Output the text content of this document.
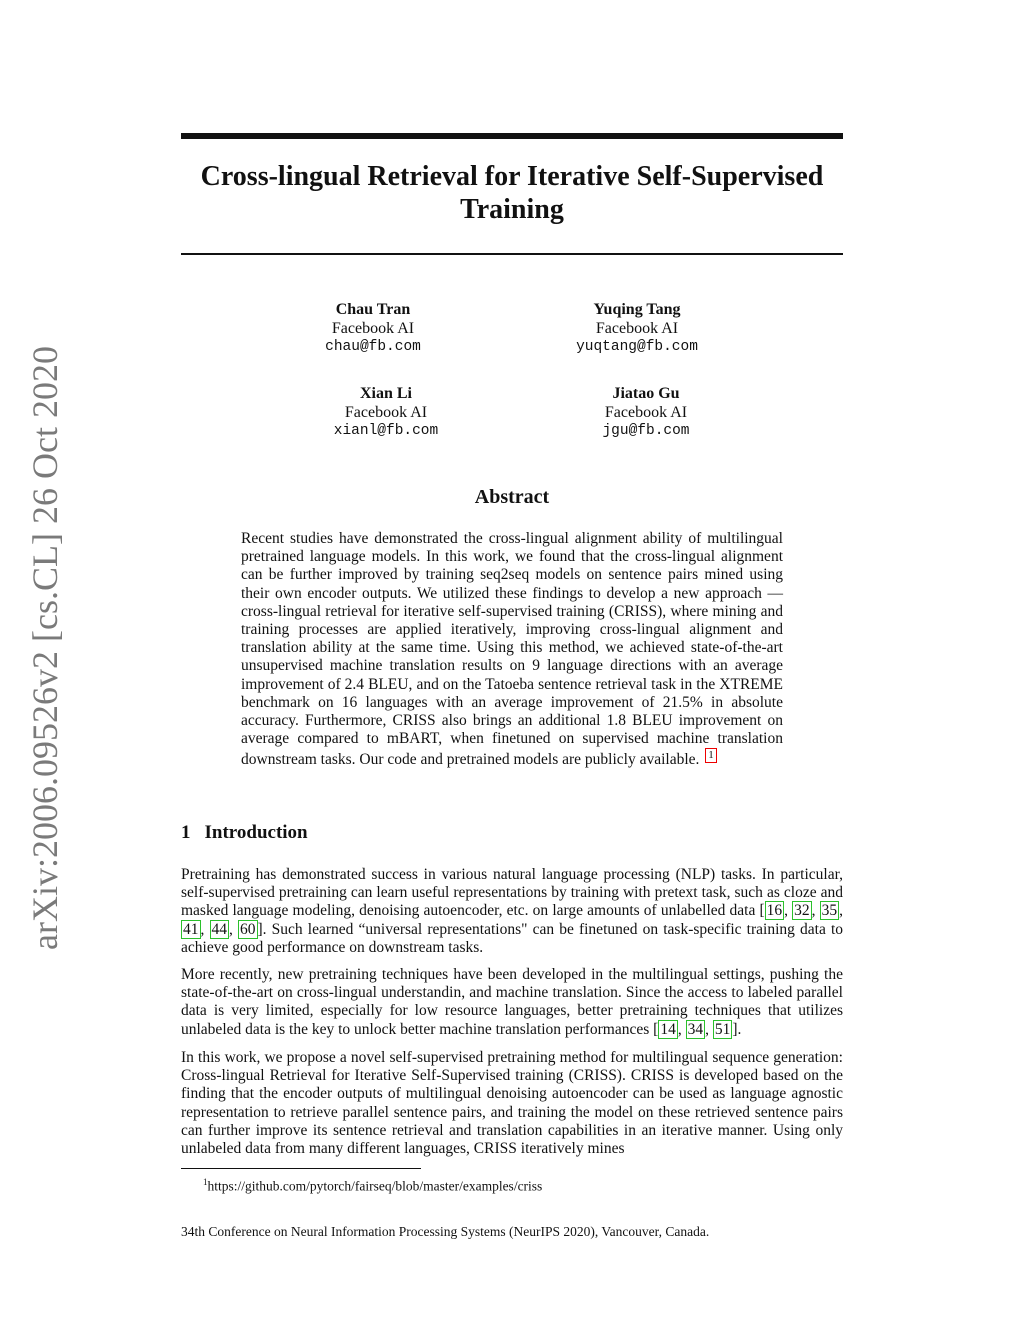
arXiv:2006.09526v2 [cs.CL] 26 Oct 2020
Cross-lingual Retrieval for Iterative Self-Supervised Training
Chau Tran
Facebook AI
chau@fb.com
Yuqing Tang
Facebook AI
yuqtang@fb.com
Xian Li
Facebook AI
xianl@fb.com
Jiatao Gu
Facebook AI
jgu@fb.com
Abstract
Recent studies have demonstrated the cross-lingual alignment ability of multilingual pretrained language models. In this work, we found that the cross-lingual alignment can be further improved by training seq2seq models on sentence pairs mined using their own encoder outputs. We utilized these findings to develop a new approach — cross-lingual retrieval for iterative self-supervised training (CRISS), where mining and training processes are applied iteratively, improving cross-lingual alignment and translation ability at the same time. Using this method, we achieved state-of-the-art unsupervised machine translation results on 9 language directions with an average improvement of 2.4 BLEU, and on the Tatoeba sentence retrieval task in the XTREME benchmark on 16 languages with an average improvement of 21.5% in absolute accuracy. Furthermore, CRISS also brings an additional 1.8 BLEU improvement on average compared to mBART, when finetuned on supervised machine translation downstream tasks. Our code and pretrained models are publicly available. 1
1 Introduction
Pretraining has demonstrated success in various natural language processing (NLP) tasks. In particular, self-supervised pretraining can learn useful representations by training with pretext task, such as cloze and masked language modeling, denoising autoencoder, etc. on large amounts of unlabelled data [ 16 , 32 , 35 , 41 , 44 , 60 ]. Such learned “universal representations" can be finetuned on task-specific training data to achieve good performance on downstream tasks.
More recently, new pretraining techniques have been developed in the multilingual settings, pushing the state-of-the-art on cross-lingual understandin, and machine translation. Since the access to labeled parallel data is very limited, especially for low resource languages, better pretraining techniques that utilizes unlabeled data is the key to unlock better machine translation performances [ 14 , 34 , 51 ].
In this work, we propose a novel self-supervised pretraining method for multilingual sequence generation: Cross-lingual Retrieval for Iterative Self-Supervised training (CRISS). CRISS is developed based on the finding that the encoder outputs of multilingual denoising autoencoder can be used as language agnostic representation to retrieve parallel sentence pairs, and training the model on these retrieved sentence pairs can further improve its sentence retrieval and translation capabilities in an iterative manner. Using only unlabeled data from many different languages, CRISS iteratively mines
$^1$https://github.com/pytorch/fairseq/blob/master/examples/criss
34th Conference on Neural Information Processing Systems (NeurIPS 2020), Vancouver, Canada.
